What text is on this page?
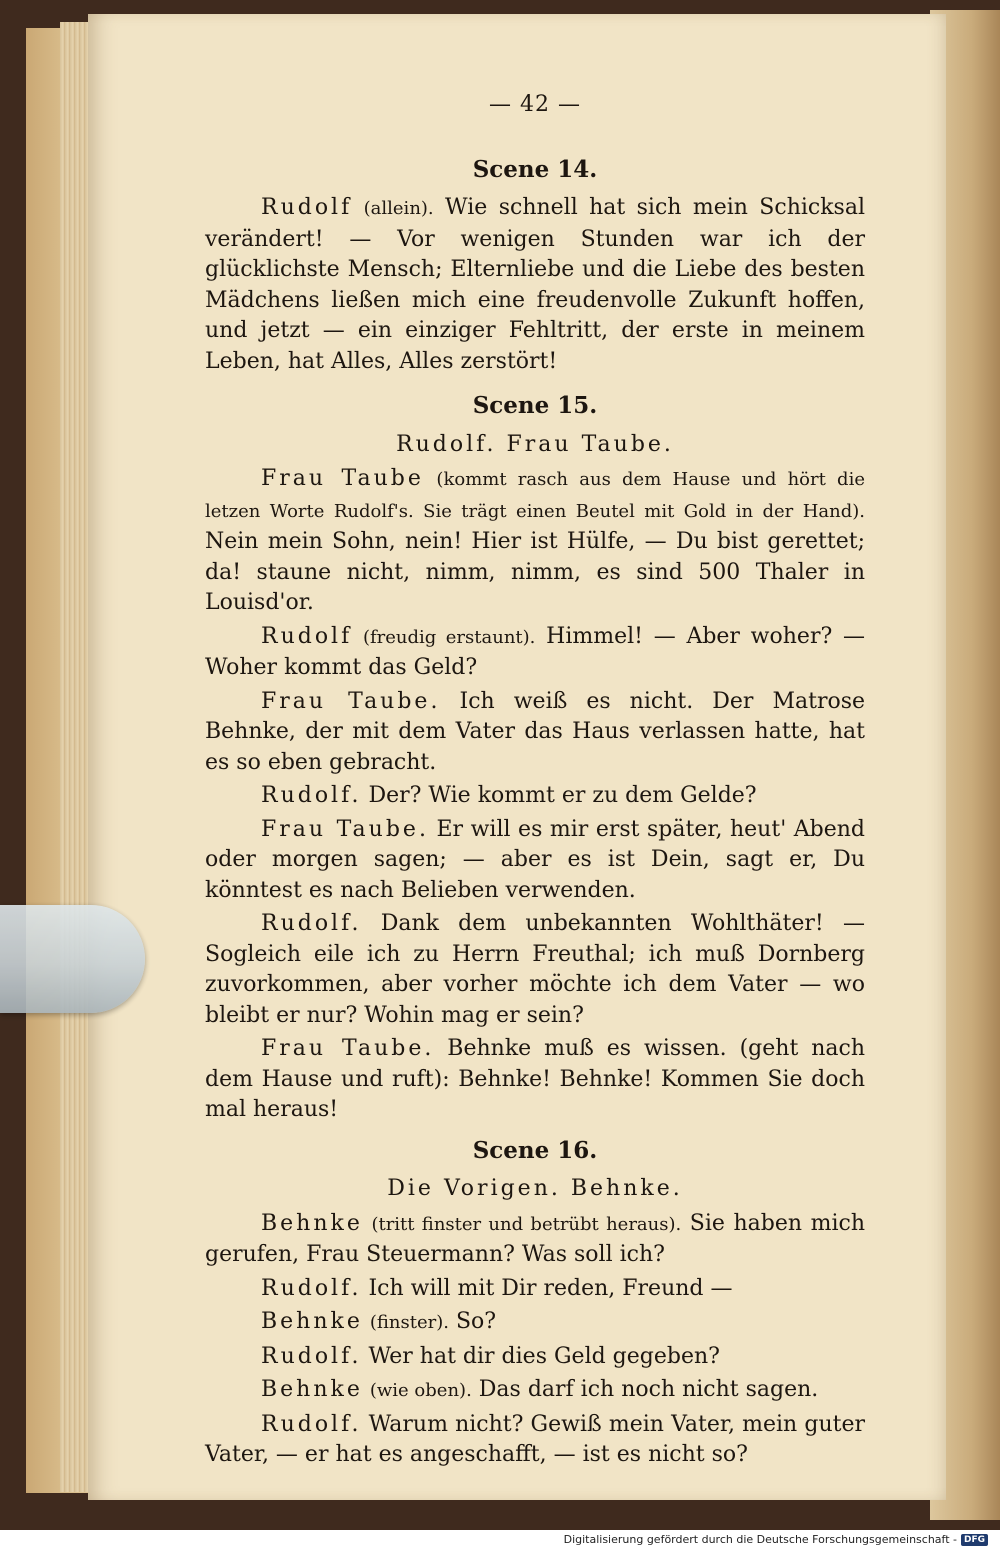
— 42 —
Scene 14.

Rudolf (allein). Wie schnell hat sich mein Schicksal verändert! — Vor wenigen Stunden war ich der glücklichste Mensch; Elternliebe und die Liebe des besten Mädchens ließen mich eine freudenvolle Zukunft hoffen, und jetzt — ein einziger Fehltritt, der erste in meinem Leben, hat Alles, Alles zerstört!

Scene 15.
Rudolf. Frau Taube.

Frau Taube (kommt rasch aus dem Hause und hört die letzen Worte Rudolf's. Sie trägt einen Beutel mit Gold in der Hand). Nein mein Sohn, nein! Hier ist Hülfe, — Du bist gerettet; da! staune nicht, nimm, nimm, es sind 500 Thaler in Louisd'or.

Rudolf (freudig erstaunt). Himmel! — Aber woher? — Woher kommt das Geld?

Frau Taube. Ich weiß es nicht. Der Matrose Behnke, der mit dem Vater das Haus verlassen hatte, hat es so eben gebracht.

Rudolf. Der? Wie kommt er zu dem Gelde?

Frau Taube. Er will es mir erst später, heut' Abend oder morgen sagen; — aber es ist Dein, sagt er, Du könntest es nach Belieben verwenden.

Rudolf. Dank dem unbekannten Wohlthäter! — Sogleich eile ich zu Herrn Freuthal; ich muß Dornberg zuvorkommen, aber vorher möchte ich dem Vater — wo bleibt er nur? Wohin mag er sein?

Frau Taube. Behnke muß es wissen. (geht nach dem Hause und ruft): Behnke! Behnke! Kommen Sie doch mal heraus!

Scene 16.
Die Vorigen. Behnke.

Behnke (tritt finster und betrübt heraus). Sie haben mich gerufen, Frau Steuermann? Was soll ich?

Rudolf. Ich will mit Dir reden, Freund —

Behnke (finster). So?

Rudolf. Wer hat dir dies Geld gegeben?

Behnke (wie oben). Das darf ich noch nicht sagen.

Rudolf. Warum nicht? Gewiß mein Vater, mein guter Vater, — er hat es angeschafft, — ist es nicht so?

Digitalisierung gefördert durch die Deutsche Forschungsgemeinschaft - DFG
